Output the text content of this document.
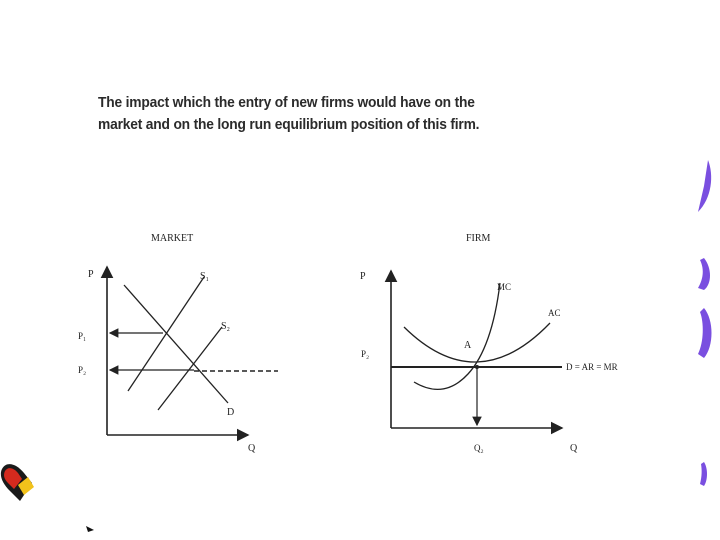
The impact which the entry of new firms would have on the
market and on the long run equilibrium position of this firm.
MARKET
P
Q
S₁
S₂
D
P₁
P₂
FIRM
P
Q
MC
AC
A
P₂
D = AR = MR
Q₂
